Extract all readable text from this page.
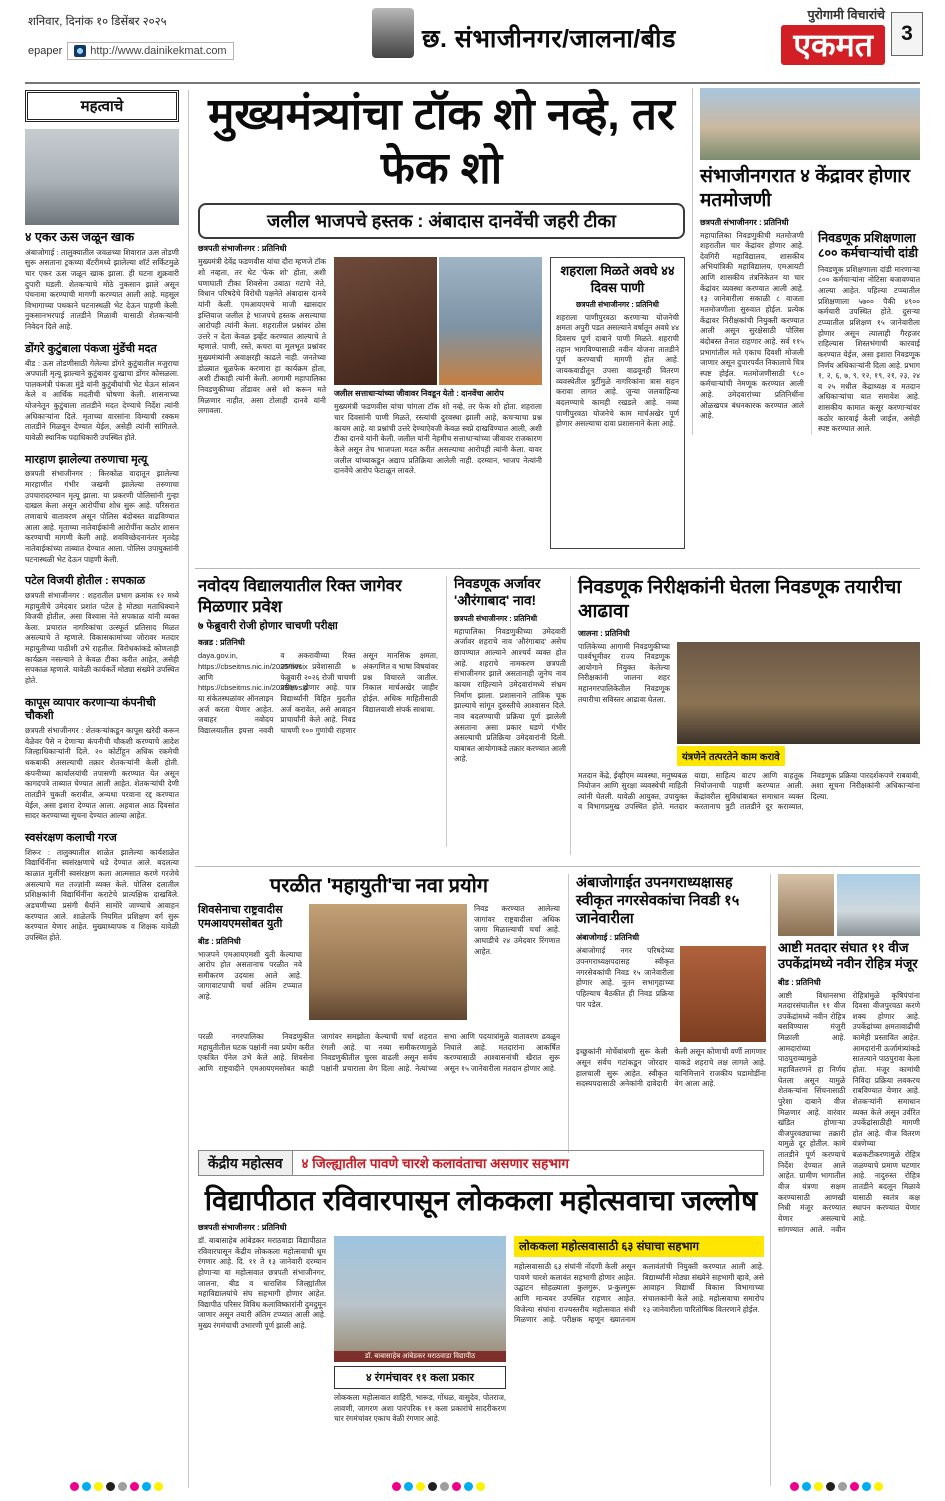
शनिवार, दिनांक १० डिसेंबर २०२५
epaper	http://www.dainikekmat.com	छ. संभाजीनगर/जालना/बीड
पुरोगामी विचारांचे
एकमत	3
महत्वाचे
४ एकर ऊस जळून खाक
अंबाजोगाई : तालुक्यातील जवळच्या शिवारात ऊस तोडणी सुरू असताना ट्रकच्या बॅटरीमध्ये झालेल्या शॉर्ट सर्किटमुळे चार एकर ऊस जळून खाक झाला. ही घटना शुक्रवारी दुपारी घडली. शेतकऱ्याचे मोठे नुकसान झाले असून पंचनामा करण्याची मागणी करण्यात आली आहे. महसूल विभागाच्या पथकाने घटनास्थळी भेट देऊन पाहणी केली. नुकसानभरपाई तातडीने मिळावी यासाठी शेतकऱ्यांनी निवेदन दिले आहे.
डोंगरे कुटुंबाला पंकजा मुंडेंची मदत
बीड : ऊस तोडणीसाठी गेलेल्या डोंगरे कुटुंबातील मजुराचा अपघाती मृत्यू झाल्याने कुटुंबावर दुःखाचा डोंगर कोसळला. पालकमंत्री पंकजा मुंडे यांनी कुटुंबीयांची भेट घेऊन सांत्वन केले व आर्थिक मदतीची घोषणा केली. शासनाच्या योजनेतून कुटुंबाला तातडीने मदत देण्याचे निर्देश त्यांनी अधिकाऱ्यांना दिले. मृताच्या वारसांना विम्याची रक्कम तातडीने मिळवून देण्यात येईल, असेही त्यांनी सांगितले. यावेळी स्थानिक पदाधिकारी उपस्थित होते.
मारहाण झालेल्या तरुणाचा मृत्यू
छत्रपती संभाजीनगर : किरकोळ वादातून झालेल्या मारहाणीत गंभीर जखमी झालेल्या तरुणाचा उपचारादरम्यान मृत्यू झाला. या प्रकरणी पोलिसांनी गुन्हा दाखल केला असून आरोपींचा शोध सुरू आहे. परिसरात तणावाचे वातावरण असून पोलिस बंदोबस्त वाढविण्यात आला आहे. मृताच्या नातेवाईकांनी आरोपींना कठोर शासन करण्याची मागणी केली आहे. शवविच्छेदनानंतर मृतदेह नातेवाईकांच्या ताब्यात देण्यात आला. पोलिस उपायुक्तांनी घटनास्थळी भेट देऊन पाहणी केली.
पटेल विजयी होतील : सपकाळ
छत्रपती संभाजीनगर : शहरातील प्रभाग क्रमांक १२ मध्ये महायुतीचे उमेदवार प्रशांत पटेल हे मोठ्या मताधिक्याने विजयी होतील, असा विश्वास नेते सपकाळ यांनी व्यक्त केला. प्रचारात नागरिकांचा उत्स्फूर्त प्रतिसाद मिळत असल्याचे ते म्हणाले. विकासकामांच्या जोरावर मतदार महायुतीच्या पाठीशी उभे राहतील. विरोधकांकडे कोणताही कार्यक्रम नसल्याने ते केवळ टीका करीत आहेत, असेही सपकाळ म्हणाले. यावेळी कार्यकर्ते मोठ्या संख्येने उपस्थित होते.
कापूस व्यापार करणाऱ्या कंपनीची चौकशी
छत्रपती संभाजीनगर : शेतकऱ्यांकडून कापूस खरेदी करून वेळेवर पैसे न देणाऱ्या कंपनीची चौकशी करण्याचे आदेश जिल्हाधिकाऱ्यांनी दिले. २० कोटींहून अधिक रकमेची थकबाकी असल्याची तक्रार शेतकऱ्यांनी केली होती. कंपनीच्या कार्यालयांची तपासणी करण्यात येत असून कागदपत्रे ताब्यात घेण्यात आली आहेत. शेतकऱ्यांची देणी तातडीने चुकती करावीत, अन्यथा परवाना रद्द करण्यात येईल, असा इशारा देण्यात आला. अहवाल आठ दिवसांत सादर करण्याच्या सूचना देण्यात आल्या आहेत.
स्वसंरक्षण कलाची गरज
शिरूर : तालुक्यातील शाळेत झालेल्या कार्यशाळेत विद्यार्थिनींना स्वसंरक्षणाचे धडे देण्यात आले. बदलत्या काळात मुलींनी स्वसंरक्षण कला आत्मसात करणे गरजेचे असल्याचे मत तज्ज्ञांनी व्यक्त केले. पोलिस दलातील प्रशिक्षकांनी विद्यार्थिनींना कराटेचे प्रात्यक्षिक दाखविले. अडचणीच्या प्रसंगी धैर्याने सामोरे जाण्याचे आवाहन करण्यात आले. शाळेतर्फे नियमित प्रशिक्षण वर्ग सुरू करण्यात येणार आहेत. मुख्याध्यापक व शिक्षक यावेळी उपस्थित होते.
मुख्यमंत्र्यांचा टॉक शो नव्हे, तर फेक शो
जलील भाजपचे हस्तक : अंबादास दानवेंची जहरी टीका
छत्रपती संभाजीनगर : प्रतिनिधी
मुख्यमंत्री देवेंद्र फडणवीस यांचा दौरा म्हणजे टॉक शो नव्हता, तर थेट 'फेक शो' होता, अशी घणाघाती टीका शिवसेना उबाठा गटाचे नेते, विधान परिषदेचे विरोधी पक्षनेते अंबादास दानवे यांनी केली. एमआयएमचे माजी खासदार इम्तियाज जलील हे भाजपचे हस्तक असल्याचा आरोपही त्यांनी केला. शहरातील प्रश्नांवर ठोस उत्तरे न देता केवळ इव्हेंट करण्यात आल्याचे ते म्हणाले. पाणी, रस्ते, कचरा या मूलभूत प्रश्नांवर मुख्यमंत्र्यांनी अवाक्षरही काढले नाही. जनतेच्या डोळ्यात धूळफेक करणारा हा कार्यक्रम होता, अशी टीकाही त्यांनी केली. आगामी महापालिका निवडणुकीच्या तोंडावर असे शो करून मते मिळणार नाहीत, असा टोलाही दानवे यांनी लगावला.
जलील सत्ताधाऱ्यांच्या जीवावर निवडून येतो : दानवेंचा आरोप
मुख्यमंत्री फडणवीस यांचा चांगला टॉक शो नव्हे, तर फेक शो होता. शहराला चार दिवसांनी पाणी मिळते, रस्त्यांची दुरवस्था झाली आहे, कचऱ्याचा प्रश्न कायम आहे. या प्रश्नांची उत्तरे देण्याऐवजी केवळ स्वप्ने दाखविण्यात आली, अशी टीका दानवे यांनी केली. जलील यांनी नेहमीच सत्ताधाऱ्यांच्या जीवावर राजकारण केले असून तेच भाजपला मदत करीत असल्याचा आरोपही त्यांनी केला. यावर जलील यांच्याकडून अद्याप प्रतिक्रिया आलेली नाही. दरम्यान, भाजप नेत्यांनी दानवेंचे आरोप फेटाळून लावले.
शहराला मिळते अवघे ४४ दिवस पाणी
छत्रपती संभाजीनगर : प्रतिनिधी
शहराला पाणीपुरवठा करणाऱ्या योजनेची क्षमता अपुरी पडत असल्याने वर्षातून अवघे ४४ दिवसच पूर्ण दाबाने पाणी मिळते. शहराची तहान भागविण्यासाठी नवीन योजना तातडीने पूर्ण करण्याची मागणी होत आहे. जायकवाडीतून उपसा वाढवूनही वितरण व्यवस्थेतील त्रुटींमुळे नागरिकांना त्रास सहन करावा लागत आहे. जुन्या जलवाहिन्या बदलण्याचे कामही रखडले आहे. नव्या पाणीपुरवठा योजनेचे काम मार्चअखेर पूर्ण होणार असल्याचा दावा प्रशासनाने केला आहे.
संभाजीनगरात ४ केंद्रावर होणार मतमोजणी
छत्रपती संभाजीनगर : प्रतिनिधी
महापालिका निवडणुकीची मतमोजणी शहरातील चार केंद्रांवर होणार आहे. देवगिरी महाविद्यालय, शासकीय अभियांत्रिकी महाविद्यालय, एमआयटी आणि शासकीय तंत्रनिकेतन या चार केंद्रांवर व्यवस्था करण्यात आली आहे. १३ जानेवारीला सकाळी ८ वाजता मतमोजणीला सुरुवात होईल. प्रत्येक केंद्रावर निरीक्षकांची नियुक्ती करण्यात आली असून सुरक्षेसाठी पोलिस बंदोबस्त तैनात राहणार आहे. सर्व ११५ प्रभागांतील मते एकाच दिवशी मोजली जाणार असून दुपारपर्यंत निकालाचे चित्र स्पष्ट होईल. मतमोजणीसाठी ९८० कर्मचाऱ्यांची नेमणूक करण्यात आली आहे. उमेदवारांच्या प्रतिनिधींना ओळखपत्र बंधनकारक करण्यात आले आहे.
निवडणूक प्रशिक्षणाला ८०० कर्मचाऱ्यांची दांडी
निवडणूक प्रशिक्षणाला दांडी मारणाऱ्या ८०० कर्मचाऱ्यांना नोटिसा बजावण्यात आल्या आहेत. पहिल्या टप्प्यातील प्रशिक्षणाला ५७०० पैकी ४९०० कर्मचारी उपस्थित होते. दुसऱ्या टप्प्यातील प्रशिक्षण १५ जानेवारीला होणार असून त्यालाही गैरहजर राहिल्यास शिस्तभंगाची कारवाई करण्यात येईल, असा इशारा निवडणूक निर्णय अधिकाऱ्यांनी दिला आहे. प्रभाग १, २, ६, ७, ९, १२, १९, २१, २३, २४ व २५ मधील केंद्राध्यक्ष व मतदान अधिकाऱ्यांचा यात समावेश आहे. शासकीय कामात कसूर करणाऱ्यांवर कठोर कारवाई केली जाईल, असेही स्पष्ट करण्यात आले.
नवोदय विद्यालयातील रिक्त जागेवर मिळणार प्रवेश
७ फेब्रुवारी रोजी होणार चाचणी परीक्षा
कन्नड : प्रतिनिधी
daya.gov.in, https://cbseitms.nic.in/2025/nvsix आणि https://cbseitms.nic.in/2025/nvsxi या संकेतस्थळांवर ऑनलाइन अर्ज करता येणार आहेत. जवाहर नवोदय विद्यालयातील इयत्ता नववी व अकरावीच्या रिक्त जागांवर प्रवेशासाठी ७ फेब्रुवारी २०२६ रोजी चाचणी परीक्षा होणार आहे. पात्र विद्यार्थ्यांनी विहित मुदतीत अर्ज करावेत, असे आवाहन प्राचार्यांनी केले आहे. निवड चाचणी १०० गुणांची राहणार असून मानसिक क्षमता, अंकगणित व भाषा विषयांवर प्रश्न विचारले जातील. निकाल मार्चअखेर जाहीर होईल. अधिक माहितीसाठी विद्यालयाशी संपर्क साधावा.
निवडणूक अर्जावर 'औरंगाबाद' नाव!
छत्रपती संभाजीनगर : प्रतिनिधी
महापालिका निवडणुकीच्या उमेदवारी अर्जावर शहराचे नाव 'औरंगाबाद' असेच छापण्यात आल्याने आश्चर्य व्यक्त होत आहे. शहराचे नामकरण छत्रपती संभाजीनगर झाले असतानाही जुनेच नाव कायम राहिल्याने उमेदवारांमध्ये संभ्रम निर्माण झाला. प्रशासनाने तांत्रिक चूक झाल्याचे सांगून दुरुस्तीचे आश्वासन दिले. नाव बदलण्याची प्रक्रिया पूर्ण झालेली असताना असा प्रकार घडणे गंभीर असल्याची प्रतिक्रिया उमेदवारांनी दिली. याबाबत आयोगाकडे तक्रार करण्यात आली आहे.
निवडणूक निरीक्षकांनी घेतला निवडणूक तयारीचा आढावा
जालना : प्रतिनिधी
पालिकेच्या आगामी निवडणुकीच्या पार्श्वभूमीवर राज्य निवडणूक आयोगाने नियुक्त केलेल्या निरीक्षकांनी जालना शहर महानगरपालिकेतील निवडणूक तयारीचा सविस्तर आढावा घेतला.
यंत्रणेने तत्परतेने काम करावे
मतदान केंद्रे, ईव्हीएम व्यवस्था, मनुष्यबळ नियोजन आणि सुरक्षा व्यवस्थेची माहिती त्यांनी घेतली. यावेळी आयुक्त, उपायुक्त व विभागप्रमुख उपस्थित होते. मतदार याद्या, साहित्य वाटप आणि वाहतूक नियोजनाची पाहणी करण्यात आली. केंद्रांवरील सुविधांबाबत समाधान व्यक्त करतानाच त्रुटी तातडीने दूर कराव्यात, निवडणूक प्रक्रिया पारदर्शकपणे राबवावी, अशा सूचना निरीक्षकांनी अधिकाऱ्यांना दिल्या.
परळीत 'महायुती'चा नवा प्रयोग
शिवसेनाचा राष्ट्रवादीस एमआयएमसोबत युती
बीड : प्रतिनिधी
भाजपने एमआयएमशी युती केल्याचा आरोप होत असतानाच परळीत नवे समीकरण उदयास आले आहे. जागावाटपाची चर्चा अंतिम टप्प्यात आहे.
निवड करण्यात आलेल्या जागांवर राष्ट्रवादीला अधिक जागा मिळाल्याची चर्चा आहे. आघाडीचे २४ उमेदवार रिंगणात आहेत.
परळी नगरपालिका निवडणुकीत महायुतीतील घटक पक्षांनी नवा प्रयोग करीत एकत्रित पॅनेल उभे केले आहे. शिवसेना आणि राष्ट्रवादीने एमआयएमसोबत काही जागांवर समझोता केल्याची चर्चा शहरात रंगली आहे. या नव्या समीकरणामुळे निवडणुकीतील चुरस वाढली असून सर्वच पक्षांनी प्रचाराला वेग दिला आहे. नेत्यांच्या सभा आणि पदयात्रांमुळे वातावरण ढवळून निघाले आहे. मतदारांना आकर्षित करण्यासाठी आश्वासनांची खैरात सुरू असून १५ जानेवारीला मतदान होणार आहे.
अंबाजोगाईत उपनगराध्यक्षासह स्वीकृत नगरसेवकांचा निवडी १५ जानेवारीला
अंबाजोगाई : प्रतिनिधी
अंबाजोगाई नगर परिषदेच्या उपनगराध्यक्षपदासह स्वीकृत नगरसेवकांची निवड १५ जानेवारीला होणार आहे. नूतन सभागृहाच्या पहिल्याच बैठकीत ही निवड प्रक्रिया पार पडेल.
इच्छुकांनी मोर्चेबांधणी सुरू केली असून सर्वच गटांकडून जोरदार हालचाली सुरू आहेत. स्वीकृत सदस्यपदासाठी अनेकांनी दावेदारी केली असून कोणाची वर्णी लागणार याकडे शहराचे लक्ष लागले आहे. यानिमित्ताने राजकीय घडामोडींना वेग आला आहे.
आष्टी मतदार संघात ११ वीज उपकेंद्रांमध्ये नवीन रोहित्र मंजूर
बीड : प्रतिनिधी
आष्टी विधानसभा मतदारसंघातील ११ वीज उपकेंद्रांमध्ये नवीन रोहित्र बसविण्यास मंजुरी मिळाली आहे. आमदारांच्या पाठपुराव्यामुळे महावितरणने हा निर्णय घेतला असून यामुळे शेतकऱ्यांना सिंचनासाठी पुरेशा दाबाने वीज मिळणार आहे. वारंवार खंडित होणाऱ्या वीजपुरवठ्याच्या तक्रारी यामुळे दूर होतील. कामे तातडीने पूर्ण करण्याचे निर्देश देण्यात आले आहेत. ग्रामीण भागातील वीज यंत्रणा सक्षम करण्यासाठी आणखी निधी मंजूर करण्यात येणार असल्याचे सांगण्यात आले. नवीन रोहित्रांमुळे कृषिपंपांना दिवसा वीजपुरवठा करणे शक्य होणार आहे. उपकेंद्रांच्या क्षमतावाढीची कामेही प्रस्तावित आहेत. आमदारांनी ऊर्जामंत्र्यांकडे सातत्याने पाठपुरावा केला होता. मंजूर कामांची निविदा प्रक्रिया लवकरच राबविण्यात येणार आहे. शेतकऱ्यांनी समाधान व्यक्त केले असून उर्वरित उपकेंद्रांसाठीही मागणी होत आहे. वीज वितरण यंत्रणेच्या बळकटीकरणामुळे रोहित्र जळण्याचे प्रमाण घटणार आहे. नादुरुस्त रोहित्र तातडीने बदलून मिळावे यासाठी स्वतंत्र कक्ष स्थापन करण्यात येणार आहे.
केंद्रीय महोत्सव	४ जिल्ह्यातील पावणे चारशे कलावंताचा असणार सहभाग
विद्यापीठात रविवारपासून लोककला महोत्सवाचा जल्लोष
छत्रपती संभाजीनगर : प्रतिनिधी
डॉ. बाबासाहेब आंबेडकर मराठवाडा विद्यापीठात रविवारपासून केंद्रीय लोककला महोत्सवाची धूम रंगणार आहे. दि. ११ ते १३ जानेवारी दरम्यान होणाऱ्या या महोत्सवात छत्रपती संभाजीनगर, जालना, बीड व धाराशिव जिल्ह्यांतील महाविद्यालयांचे संघ सहभागी होणार आहेत. विद्यापीठ परिसर विविध कलाविष्कारांनी दुमदुमून जाणार असून तयारी अंतिम टप्प्यात आली आहे. मुख्य रंगमंचाची उभारणी पूर्ण झाली आहे.
डॉ. बाबासाहेब आंबेडकर मराठवाडा विद्यापीठ
४ रंगमंचावर ११ कला प्रकार
लोककला महोत्सवात शाहिरी, भारूड, गोंधळ, वासुदेव, पोतराज, लावणी, जागरण अशा पारंपरिक ११ कला प्रकारांचे सादरीकरण चार रंगमंचांवर एकाच वेळी रंगणार आहे.
लोककला महोत्सवासाठी ६३ संघाचा सहभाग
महोत्सवासाठी ६३ संघांनी नोंदणी केली असून पावणे चारशे कलावंत सहभागी होणार आहेत. उद्घाटन सोहळ्याला कुलगुरू, प्र-कुलगुरू आणि मान्यवर उपस्थित राहणार आहेत. विजेत्या संघांना राज्यस्तरीय महोत्सवात संधी मिळणार आहे. परीक्षक म्हणून ख्यातनाम कलावंतांची नियुक्ती करण्यात आली आहे. विद्यार्थ्यांनी मोठ्या संख्येने सहभागी व्हावे, असे आवाहन विद्यार्थी विकास विभागाच्या संचालकांनी केले आहे. महोत्सवाचा समारोप १३ जानेवारीला पारितोषिक वितरणाने होईल.
